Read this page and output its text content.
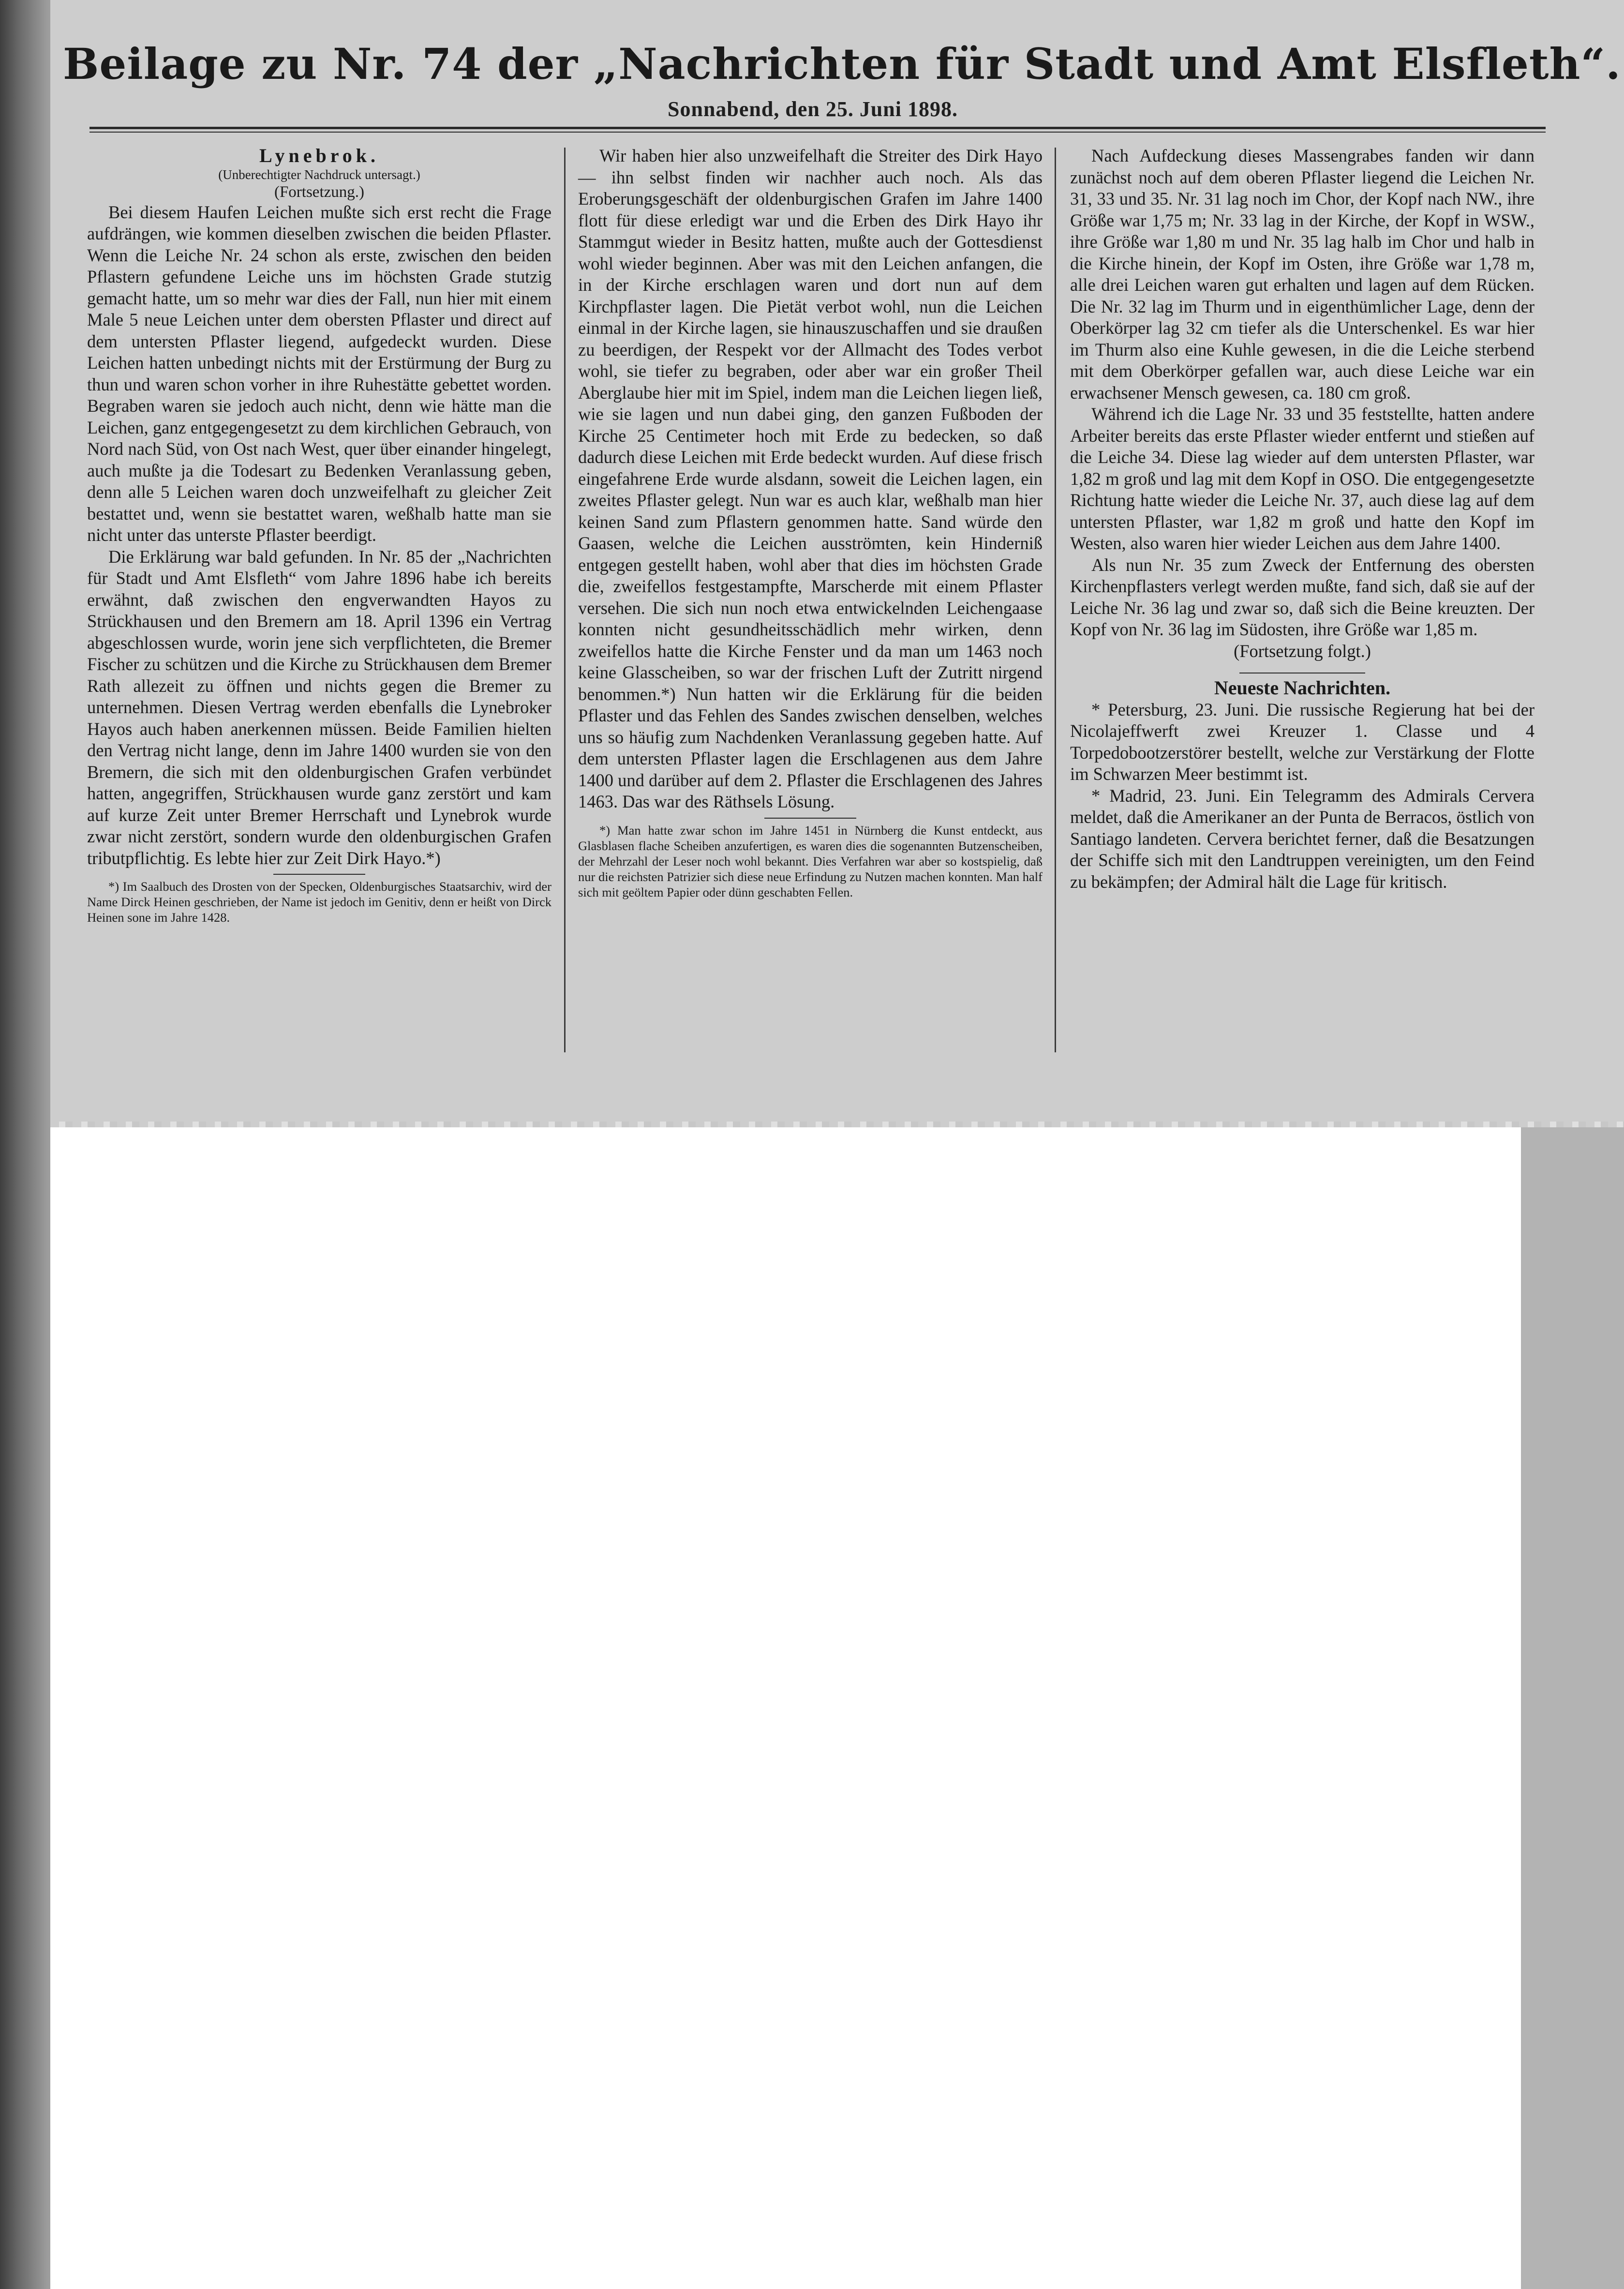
Beilage zu Nr. 74 der „Nachrichten für Stadt und Amt Elsfleth“.
Sonnabend, den 25. Juni 1898.

Lynebrok.

(Unberechtigter Nachdruck untersagt.)

(Fortsetzung.)

Bei diesem Haufen Leichen mußte sich erst recht die Frage aufdrängen, wie kommen dieselben zwischen die beiden Pflaster. Wenn die Leiche Nr. 24 schon als erste, zwischen den beiden Pflastern gefundene Leiche uns im höchsten Grade stutzig gemacht hatte, um so mehr war dies der Fall, nun hier mit einem Male 5 neue Leichen unter dem obersten Pflaster und direct auf dem untersten Pflaster liegend, aufgedeckt wurden. Diese Leichen hatten unbedingt nichts mit der Erstürmung der Burg zu thun und waren schon vorher in ihre Ruhestätte gebettet worden. Begraben waren sie jedoch auch nicht, denn wie hätte man die Leichen, ganz entgegengesetzt zu dem kirchlichen Gebrauch, von Nord nach Süd, von Ost nach West, quer über einander hingelegt, auch mußte ja die Todesart zu Bedenken Veranlassung geben, denn alle 5 Leichen waren doch unzweifelhaft zu gleicher Zeit bestattet und, wenn sie bestattet waren, weßhalb hatte man sie nicht unter das unterste Pflaster beerdigt.

Die Erklärung war bald gefunden. In Nr. 85 der „Nachrichten für Stadt und Amt Elsfleth“ vom Jahre 1896 habe ich bereits erwähnt, daß zwischen den engverwandten Hayos zu Strückhausen und den Bremern am 18. April 1396 ein Vertrag abgeschlossen wurde, worin jene sich verpflichteten, die Bremer Fischer zu schützen und die Kirche zu Strückhausen dem Bremer Rath allezeit zu öffnen und nichts gegen die Bremer zu unternehmen. Diesen Vertrag werden ebenfalls die Lynebroker Hayos auch haben anerkennen müssen. Beide Familien hielten den Vertrag nicht lange, denn im Jahre 1400 wurden sie von den Bremern, die sich mit den oldenburgischen Grafen verbündet hatten, angegriffen, Strückhausen wurde ganz zerstört und kam auf kurze Zeit unter Bremer Herrschaft und Lynebrok wurde zwar nicht zerstört, sondern wurde den oldenburgischen Grafen tributpflichtig. Es lebte hier zur Zeit Dirk Hayo.*)

*) Im Saalbuch des Drosten von der Specken, Oldenburgisches Staatsarchiv, wird der Name Dirck Heinen geschrieben, der Name ist jedoch im Genitiv, denn er heißt von Dirck Heinen sone im Jahre 1428.

Wir haben hier also unzweifelhaft die Streiter des Dirk Hayo — ihn selbst finden wir nachher auch noch. Als das Eroberungsgeschäft der oldenburgischen Grafen im Jahre 1400 flott für diese erledigt war und die Erben des Dirk Hayo ihr Stammgut wieder in Besitz hatten, mußte auch der Gottesdienst wohl wieder beginnen. Aber was mit den Leichen anfangen, die in der Kirche erschlagen waren und dort nun auf dem Kirchpflaster lagen. Die Pietät verbot wohl, nun die Leichen einmal in der Kirche lagen, sie hinauszuschaffen und sie draußen zu beerdigen, der Respekt vor der Allmacht des Todes verbot wohl, sie tiefer zu begraben, oder aber war ein großer Theil Aberglaube hier mit im Spiel, indem man die Leichen liegen ließ, wie sie lagen und nun dabei ging, den ganzen Fußboden der Kirche 25 Centimeter hoch mit Erde zu bedecken, so daß dadurch diese Leichen mit Erde bedeckt wurden. Auf diese frisch eingefahrene Erde wurde alsdann, soweit die Leichen lagen, ein zweites Pflaster gelegt. Nun war es auch klar, weßhalb man hier keinen Sand zum Pflastern genommen hatte. Sand würde den Gaasen, welche die Leichen ausströmten, kein Hinderniß entgegen gestellt haben, wohl aber that dies im höchsten Grade die, zweifellos festgestampfte, Marscherde mit einem Pflaster versehen. Die sich nun noch etwa entwickelnden Leichengaase konnten nicht gesundheitsschädlich mehr wirken, denn zweifellos hatte die Kirche Fenster und da man um 1463 noch keine Glasscheiben, so war der frischen Luft der Zutritt nirgend benommen.*) Nun hatten wir die Erklärung für die beiden Pflaster und das Fehlen des Sandes zwischen denselben, welches uns so häufig zum Nachdenken Veranlassung gegeben hatte. Auf dem untersten Pflaster lagen die Erschlagenen aus dem Jahre 1400 und darüber auf dem 2. Pflaster die Erschlagenen des Jahres 1463. Das war des Räthsels Lösung.

*) Man hatte zwar schon im Jahre 1451 in Nürnberg die Kunst entdeckt, aus Glasblasen flache Scheiben anzufertigen, es waren dies die sogenannten Butzenscheiben, der Mehrzahl der Leser noch wohl bekannt. Dies Verfahren war aber so kostspielig, daß nur die reichsten Patrizier sich diese neue Erfindung zu Nutzen machen konnten. Man half sich mit geöltem Papier oder dünn geschabten Fellen.

Nach Aufdeckung dieses Massengrabes fanden wir dann zunächst noch auf dem oberen Pflaster liegend die Leichen Nr. 31, 33 und 35. Nr. 31 lag noch im Chor, der Kopf nach NW., ihre Größe war 1,75 m; Nr. 33 lag in der Kirche, der Kopf in WSW., ihre Größe war 1,80 m und Nr. 35 lag halb im Chor und halb in die Kirche hinein, der Kopf im Osten, ihre Größe war 1,78 m, alle drei Leichen waren gut erhalten und lagen auf dem Rücken. Die Nr. 32 lag im Thurm und in eigenthümlicher Lage, denn der Oberkörper lag 32 cm tiefer als die Unterschenkel. Es war hier im Thurm also eine Kuhle gewesen, in die die Leiche sterbend mit dem Oberkörper gefallen war, auch diese Leiche war ein erwachsener Mensch gewesen, ca. 180 cm groß.

Während ich die Lage Nr. 33 und 35 feststellte, hatten andere Arbeiter bereits das erste Pflaster wieder entfernt und stießen auf die Leiche 34. Diese lag wieder auf dem untersten Pflaster, war 1,82 m groß und lag mit dem Kopf in OSO. Die entgegengesetzte Richtung hatte wieder die Leiche Nr. 37, auch diese lag auf dem untersten Pflaster, war 1,82 m groß und hatte den Kopf im Westen, also waren hier wieder Leichen aus dem Jahre 1400.

Als nun Nr. 35 zum Zweck der Entfernung des obersten Kirchenpflasters verlegt werden mußte, fand sich, daß sie auf der Leiche Nr. 36 lag und zwar so, daß sich die Beine kreuzten. Der Kopf von Nr. 36 lag im Südosten, ihre Größe war 1,85 m.

(Fortsetzung folgt.)

Neueste Nachrichten.

* Petersburg, 23. Juni. Die russische Regierung hat bei der Nicolajeffwerft zwei Kreuzer 1. Classe und 4 Torpedobootzerstörer bestellt, welche zur Verstärkung der Flotte im Schwarzen Meer bestimmt ist.

* Madrid, 23. Juni. Ein Telegramm des Admirals Cervera meldet, daß die Amerikaner an der Punta de Berracos, östlich von Santiago landeten. Cervera berichtet ferner, daß die Besatzungen der Schiffe sich mit den Landtruppen vereinigten, um den Feind zu bekämpfen; der Admiral hält die Lage für kritisch.
